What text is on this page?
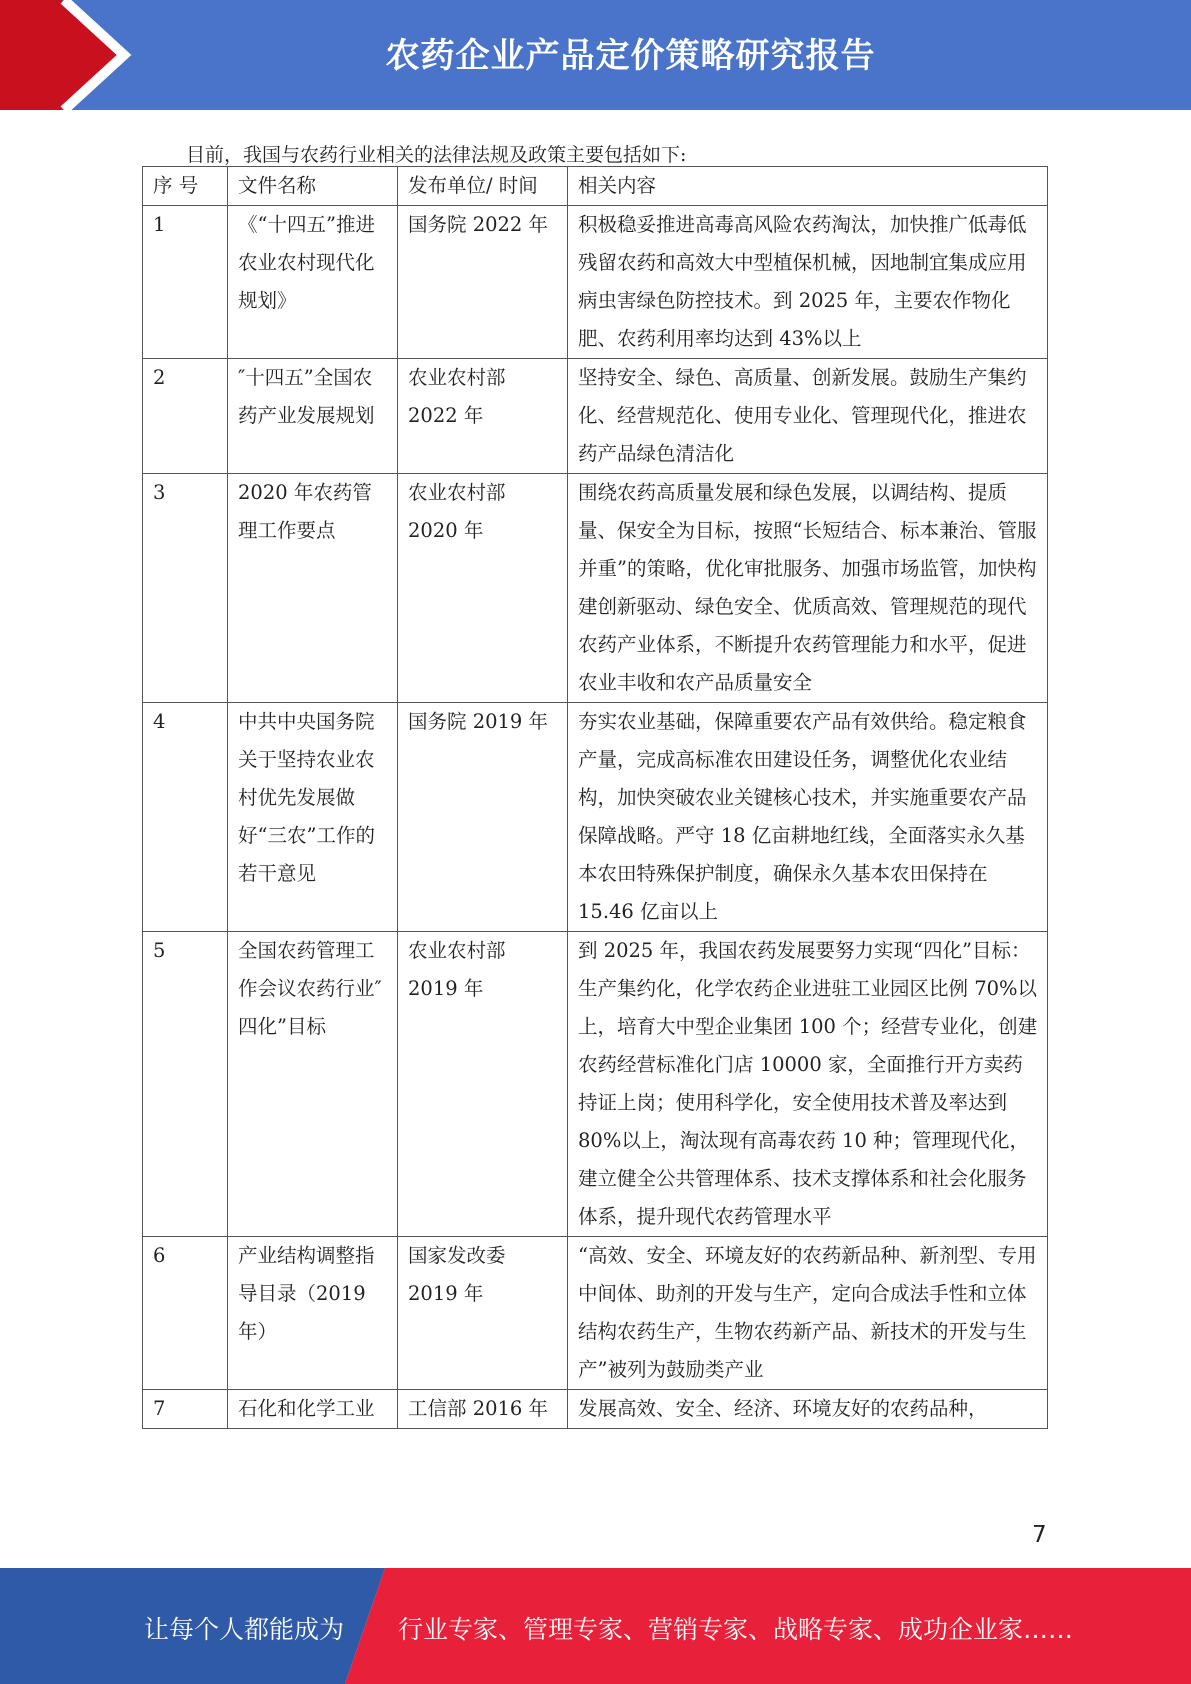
农药企业产品定价策略研究报告
目前，我国与农药行业相关的法律法规及政策主要包括如下:
序 号	文件名称	发布单位/ 时间	相关内容
1	《“十四五”推进农业农村现代化规划》	国务院 2022 年	积极稳妥推进高毒高风险农药淘汰，加快推广低毒低残留农药和高效大中型植保机械，因地制宜集成应用病虫害绿色防控技术。到 2025 年，主要农作物化肥、农药利用率均达到 43%以上
2	″十四五”全国农药产业发展规划	农业农村部 2022 年	坚持安全、绿色、高质量、创新发展。鼓励生产集约化、经营规范化、使用专业化、管理现代化，推进农药产品绿色清洁化
3	2020 年农药管理工作要点	农业农村部 2020 年	围绕农药高质量发展和绿色发展，以调结构、提质量、保安全为目标，按照“长短结合、标本兼治、管服并重”的策略，优化审批服务、加强市场监管，加快构建创新驱动、绿色安全、优质高效、管理规范的现代农药产业体系，不断提升农药管理能力和水平，促进农业丰收和农产品质量安全
4	中共中央国务院关于坚持农业农村优先发展做好“三农”工作的若干意见	国务院 2019 年	夯实农业基础，保障重要农产品有效供给。稳定粮食产量，完成高标准农田建设任务，调整优化农业结构，加快突破农业关键核心技术，并实施重要农产品保障战略。严守 18 亿亩耕地红线，全面落实永久基本农田特殊保护制度，确保永久基本农田保持在 15.46 亿亩以上
5	全国农药管理工作会议农药行业″四化”目标	农业农村部 2019 年	到 2025 年，我国农药发展要努力实现“四化”目标：生产集约化，化学农药企业进驻工业园区比例 70%以上，培育大中型企业集团 100 个；经营专业化，创建农药经营标准化门店 10000 家，全面推行开方卖药持证上岗；使用科学化，安全使用技术普及率达到 80%以上，淘汰现有高毒农药 10 种；管理现代化，建立健全公共管理体系、技术支撑体系和社会化服务体系，提升现代农药管理水平
6	产业结构调整指导目录（2019 年）	国家发改委 2019 年	“高效、安全、环境友好的农药新品种、新剂型、专用中间体、助剂的开发与生产，定向合成法手性和立体结构农药生产，生物农药新产品、新技术的开发与生产”被列为鼓励类产业
7	石化和化学工业	工信部 2016 年	发展高效、安全、经济、环境友好的农药品种，
7
让每个人都能成为 行业专家、管理专家、营销专家、战略专家、成功企业家……
